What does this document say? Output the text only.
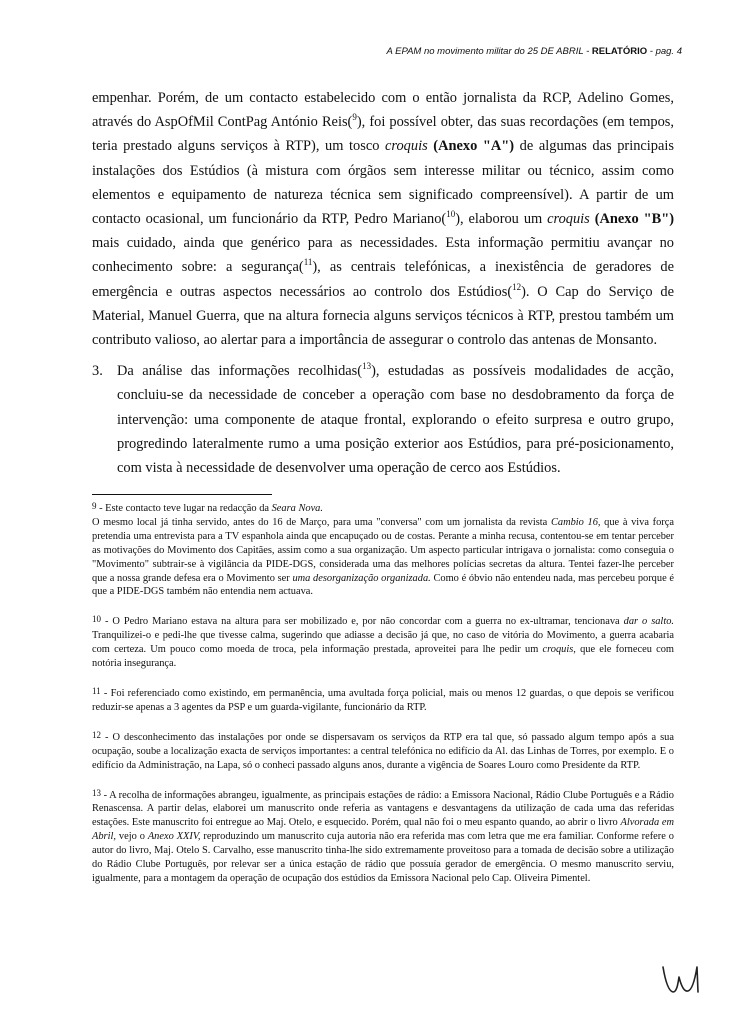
A EPAM no movimento militar do 25 DE ABRIL - RELATÓRIO - pag. 4

empenhar. Porém, de um contacto estabelecido com o então jornalista da RCP, Adelino Gomes, através do AspOfMil ContPag António Reis($^9$), foi possível obter, das suas recordações (em tempos, teria prestado alguns serviços à RTP), um tosco croquis (Anexo "A") de algumas das principais instalações dos Estúdios (à mistura com órgãos sem interesse militar ou técnico, assim como elementos e equipamento de natureza técnica sem significado compreensível). A partir de um contacto ocasional, um funcionário da RTP, Pedro Mariano($^{10}$), elaborou um croquis (Anexo "B") mais cuidado, ainda que genérico para as necessidades. Esta informação permitiu avançar no conhecimento sobre: a segurança($^{11}$), as centrais telefónicas, a inexistência de geradores de emergência e outras aspectos necessários ao controlo dos Estúdios($^{12}$). O Cap do Serviço de Material, Manuel Guerra, que na altura fornecia alguns serviços técnicos à RTP, prestou também um contributo valioso, ao alertar para a importância de assegurar o controlo das antenas de Monsanto.

3. Da análise das informações recolhidas($^{13}$), estudadas as possíveis modalidades de acção, concluiu-se da necessidade de conceber a operação com base no desdobramento da força de intervenção: uma componente de ataque frontal, explorando o efeito surpresa e outro grupo, progredindo lateralmente rumo a uma posição exterior aos Estúdios, para pré-posicionamento, com vista à necessidade de desenvolver uma operação de cerco aos Estúdios.

9 - Este contacto teve lugar na redacção da Seara Nova.
O mesmo local já tinha servido, antes do 16 de Março, para uma "conversa" com um jornalista da revista Cambio 16, que à viva força pretendia uma entrevista para a TV espanhola ainda que encapuçado ou de costas. Perante a minha recusa, contentou-se em tentar perceber as motivações do Movimento dos Capitães, assim como a sua organização. Um aspecto particular intrigava o jornalista: como conseguia o "Movimento" subtrair-se à vigilância da PIDE-DGS, considerada uma das melhores polícias secretas da altura. Tentei fazer-lhe perceber que a nossa grande defesa era o Movimento ser uma desorganização organizada. Como é óbvio não entendeu nada, mas percebeu porque é que a PIDE-DGS também não entendia nem actuava.

10 - O Pedro Mariano estava na altura para ser mobilizado e, por não concordar com a guerra no ex-ultramar, tencionava dar o salto. Tranquilizei-o e pedi-lhe que tivesse calma, sugerindo que adiasse a decisão já que, no caso de vitória do Movimento, a guerra acabaria com certeza. Um pouco como moeda de troca, pela informação prestada, aproveitei para lhe pedir um croquis, que ele forneceu com notória insegurança.

11 - Foi referenciado como existindo, em permanência, uma avultada força policial, mais ou menos 12 guardas, o que depois se verificou reduzir-se apenas a 3 agentes da PSP e um guarda-vigilante, funcionário da RTP.

12 - O desconhecimento das instalações por onde se dispersavam os serviços da RTP era tal que, só passado algum tempo após a sua ocupação, soube a localização exacta de serviços importantes: a central telefónica no edifício da Al. das Linhas de Torres, por exemplo. E o edifício da Administração, na Lapa, só o conheci passado alguns anos, durante a vigência de Soares Louro como Presidente da RTP.

13 - A recolha de informações abrangeu, igualmente, as principais estações de rádio: a Emissora Nacional, Rádio Clube Português e a Rádio Renascensa. A partir delas, elaborei um manuscrito onde referia as vantagens e desvantagens da utilização de cada uma das referidas estações. Este manuscrito foi entregue ao Maj. Otelo, e esquecido. Porém, qual não foi o meu espanto quando, ao abrir o livro Alvorada em Abril, vejo o Anexo XXIV, reproduzindo um manuscrito cuja autoria não era referida mas com letra que me era familiar. Conforme refere o autor do livro, Maj. Otelo S. Carvalho, esse manuscrito tinha-lhe sido extremamente proveitoso para a tomada de decisão sobre a utilização do Rádio Clube Português, por relevar ser a única estação de rádio que possuía gerador de emergência. O mesmo manuscrito serviu, igualmente, para a montagem da operação de ocupação dos estúdios da Emissora Nacional pelo Cap. Oliveira Pimentel.
